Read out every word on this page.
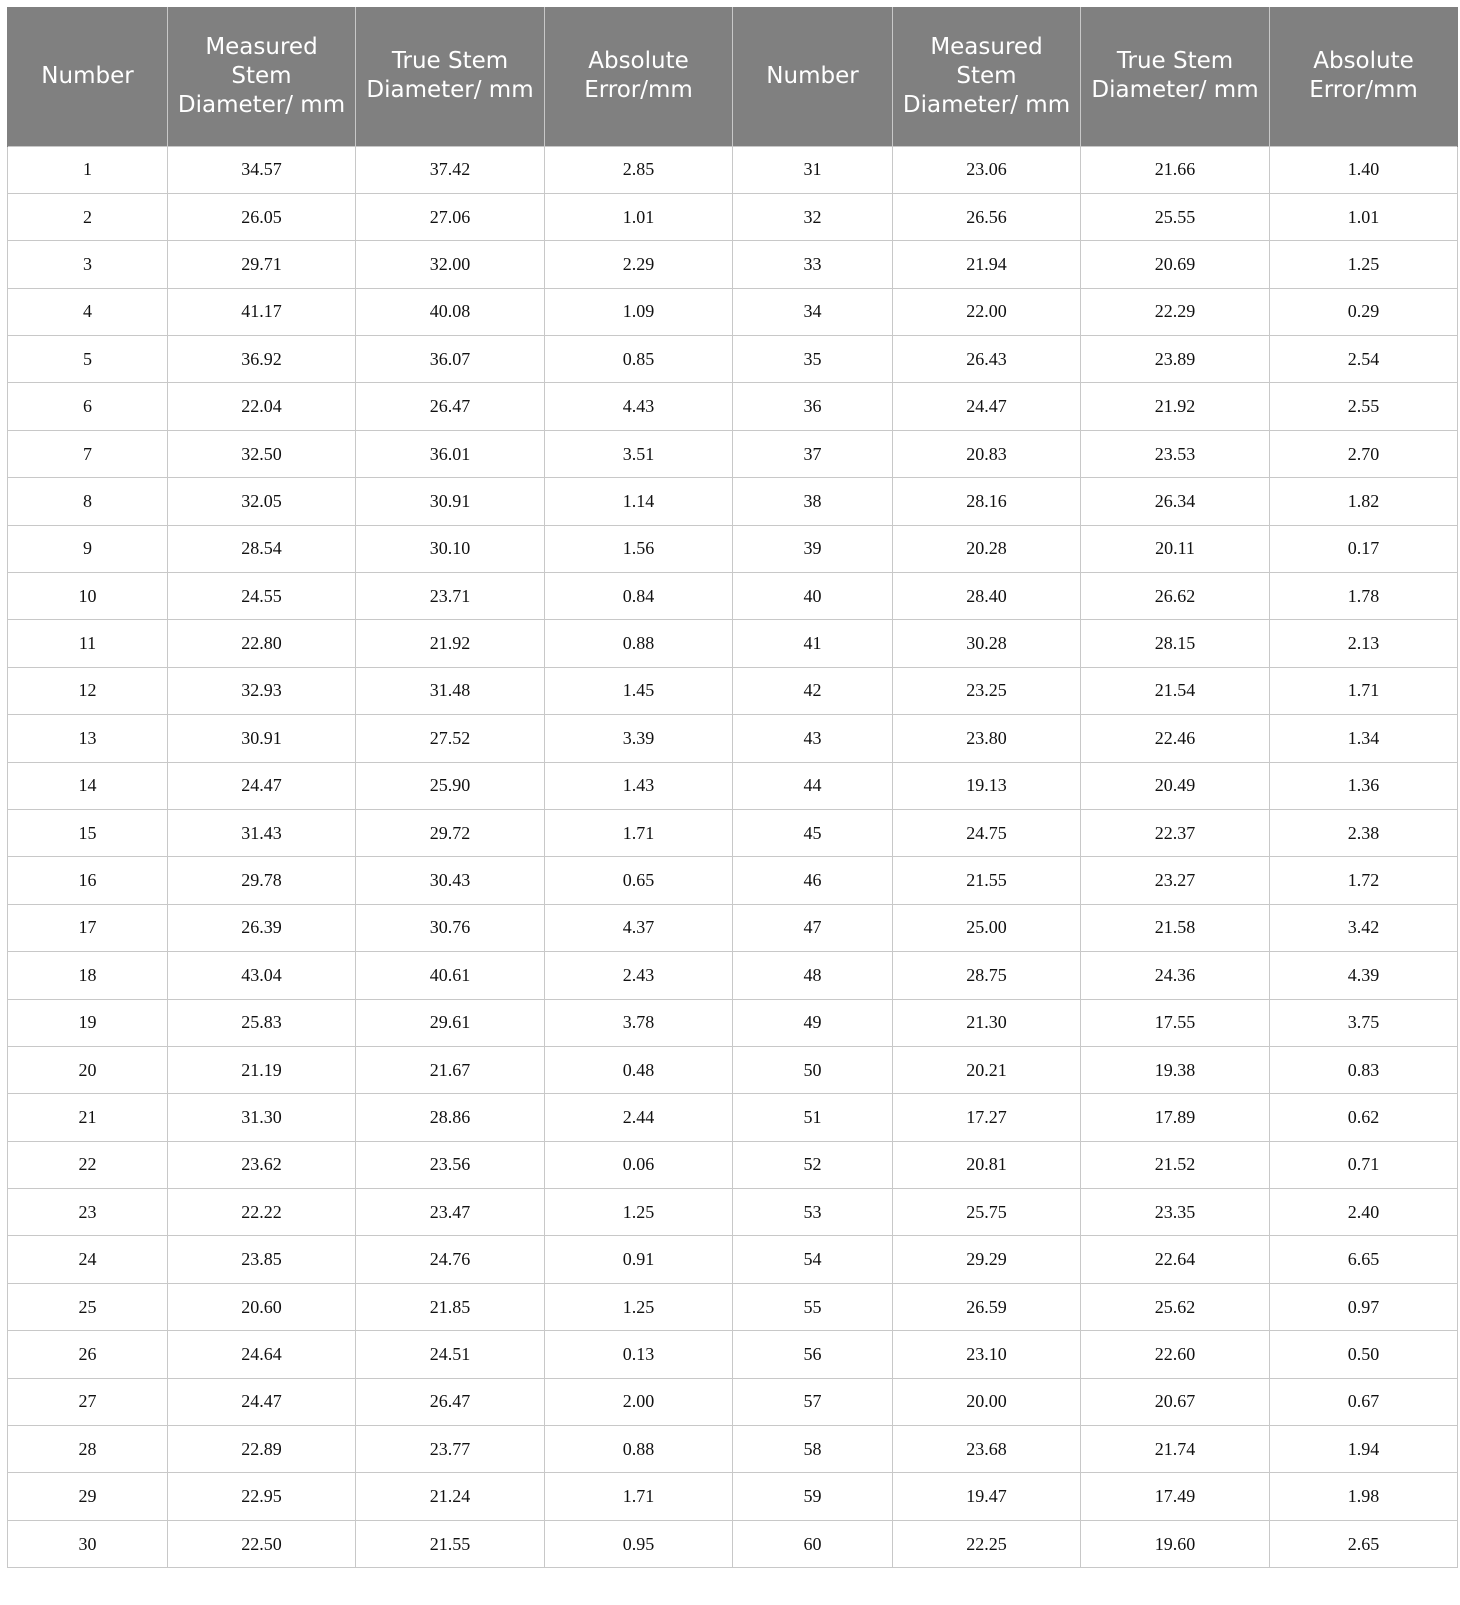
Number	Measured Stem Diameter/ mm	True Stem Diameter/ mm	Absolute Error/mm	Number	Measured Stem Diameter/ mm	True Stem Diameter/ mm	Absolute Error/mm
1	34.57	37.42	2.85	31	23.06	21.66	1.40
2	26.05	27.06	1.01	32	26.56	25.55	1.01
3	29.71	32.00	2.29	33	21.94	20.69	1.25
4	41.17	40.08	1.09	34	22.00	22.29	0.29
5	36.92	36.07	0.85	35	26.43	23.89	2.54
6	22.04	26.47	4.43	36	24.47	21.92	2.55
7	32.50	36.01	3.51	37	20.83	23.53	2.70
8	32.05	30.91	1.14	38	28.16	26.34	1.82
9	28.54	30.10	1.56	39	20.28	20.11	0.17
10	24.55	23.71	0.84	40	28.40	26.62	1.78
11	22.80	21.92	0.88	41	30.28	28.15	2.13
12	32.93	31.48	1.45	42	23.25	21.54	1.71
13	30.91	27.52	3.39	43	23.80	22.46	1.34
14	24.47	25.90	1.43	44	19.13	20.49	1.36
15	31.43	29.72	1.71	45	24.75	22.37	2.38
16	29.78	30.43	0.65	46	21.55	23.27	1.72
17	26.39	30.76	4.37	47	25.00	21.58	3.42
18	43.04	40.61	2.43	48	28.75	24.36	4.39
19	25.83	29.61	3.78	49	21.30	17.55	3.75
20	21.19	21.67	0.48	50	20.21	19.38	0.83
21	31.30	28.86	2.44	51	17.27	17.89	0.62
22	23.62	23.56	0.06	52	20.81	21.52	0.71
23	22.22	23.47	1.25	53	25.75	23.35	2.40
24	23.85	24.76	0.91	54	29.29	22.64	6.65
25	20.60	21.85	1.25	55	26.59	25.62	0.97
26	24.64	24.51	0.13	56	23.10	22.60	0.50
27	24.47	26.47	2.00	57	20.00	20.67	0.67
28	22.89	23.77	0.88	58	23.68	21.74	1.94
29	22.95	21.24	1.71	59	19.47	17.49	1.98
30	22.50	21.55	0.95	60	22.25	19.60	2.65
